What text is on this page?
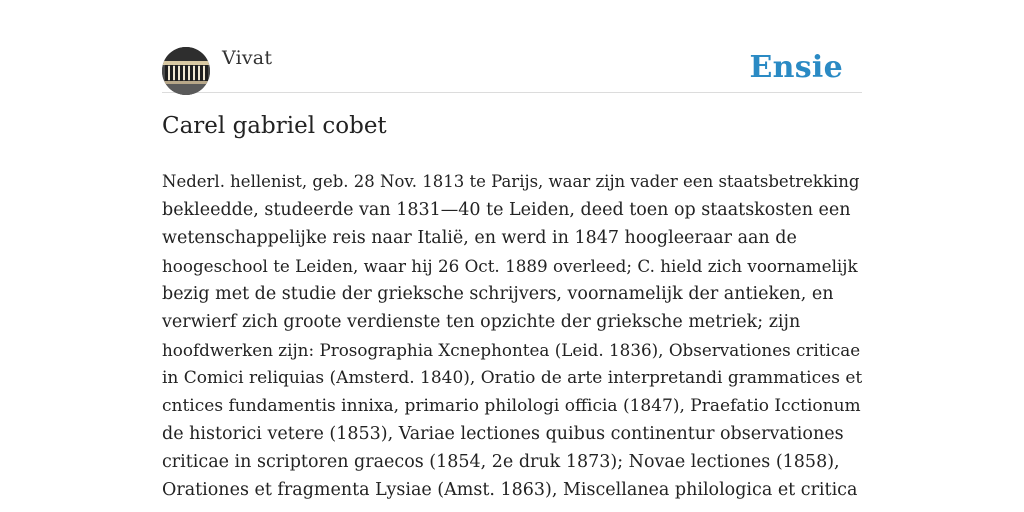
Vivat	Ensie
Carel gabriel cobet
Nederl. hellenist, geb. 28 Nov. 1813 te Parijs, waar zijn vader een staatsbetrekking
bekleedde, studeerde van 1831—40 te Leiden, deed toen op staatskosten een
wetenschappelijke reis naar Italië, en werd in 1847 hoogleeraar aan de
hoogeschool te Leiden, waar hij 26 Oct. 1889 overleed; C. hield zich voornamelijk
bezig met de studie der grieksche schrijvers, voornamelijk der antieken, en
verwierf zich groote verdienste ten opzichte der grieksche metriek; zijn
hoofdwerken zijn: Prosographia Xcnephontea (Leid. 1836), Observationes criticae
in Comici reliquias (Amsterd. 1840), Oratio de arte interpretandi grammatices et
cntices fundamentis innixa, primario philologi officia (1847), Praefatio Icctionum
de historici vetere (1853), Variae lectiones quibus continentur observationes
criticae in scriptoren graecos (1854, 2e druk 1873); Novae lectiones (1858),
Orationes et fragmenta Lysiae (Amst. 1863), Miscellanea philologica et critica
